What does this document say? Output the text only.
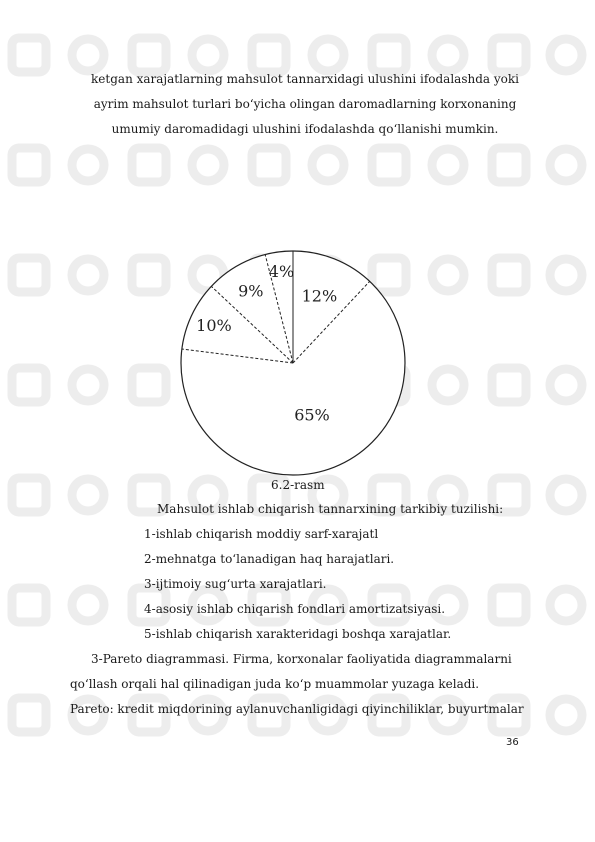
ketgan xarajatlarning mahsulot tannarxidagi ulushini ifodalashda yoki
ayrim mahsulot turlari bo‘yicha olingan daromadlarning korxonaning
umumiy daromadidagi ulushini ifodalashda qo‘llanishi mumkin.
12%
65%
10%
9%
4%
6.2-rasm
Mahsulot ishlab chiqarish tannarxining tarkibiy tuzilishi:
1-ishlab chiqarish moddiy sarf-xarajatl
2-mehnatga to‘lanadigan haq harajatlari.
3-ijtimoiy sug‘urta xarajatlari.
4-asosiy ishlab chiqarish fondlari amortizatsiyasi.
5-ishlab chiqarish xarakteridagi boshqa xarajatlar.
3-Pareto diagrammasi. Firma, korxonalar faoliyatida diagrammalarni
qo‘llash orqali hal qilinadigan juda ko‘p muammolar yuzaga keladi.
Pareto: kredit miqdorining aylanuvchanligidagi qiyinchiliklar, buyurtmalar
36
